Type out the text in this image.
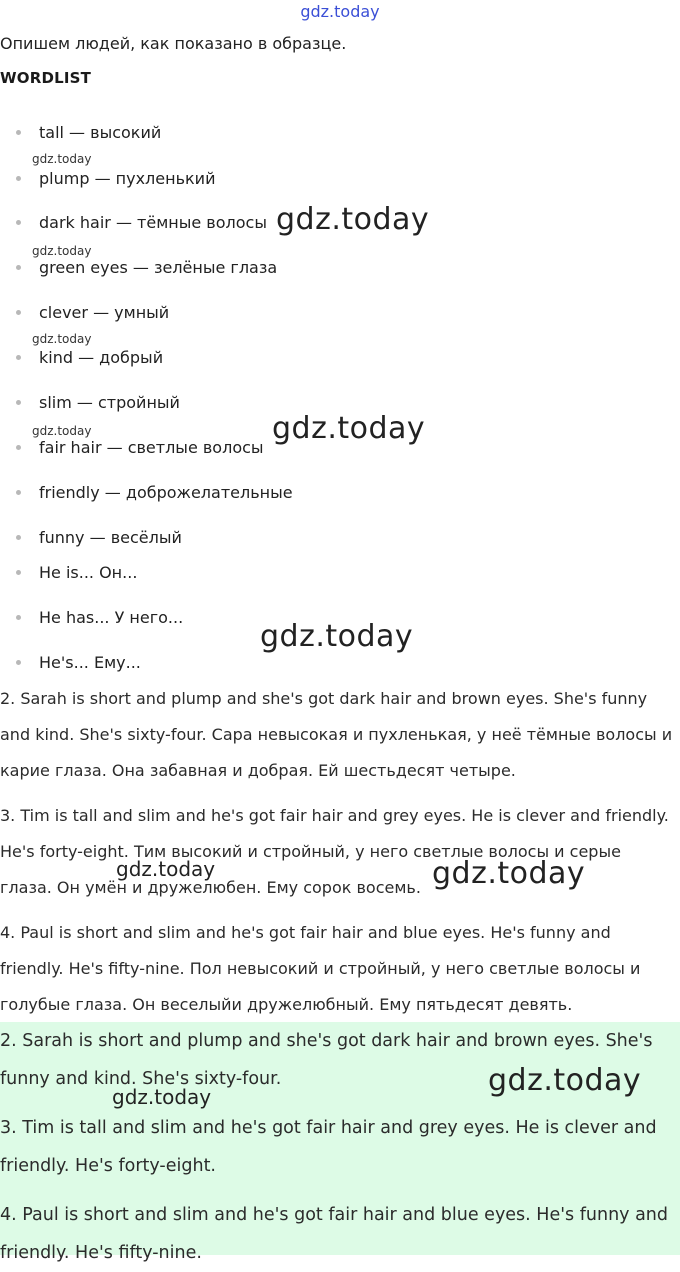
gdz.today
Опишем людей, как показано в образце.
WORDLIST
tall — высокий
plump — пухленький
dark hair — тёмные волосы
green eyes — зелёные глаза
clever — умный
kind — добрый
slim — стройный
fair hair — светлые волосы
friendly — доброжелательные
funny — весёлый
He is... Он...
He has... У него...
He's... Ему...
2. Sarah is short and plump and she's got dark hair and brown eyes. She's funny
and kind. She's sixty-four. Сара невысокая и пухленькая, у неё тёмные волосы и
карие глаза. Она забавная и добрая. Ей шестьдесят четыре.
3. Tim is tall and slim and he's got fair hair and grey eyes. He is clever and friendly.
He's forty-eight. Тим высокий и стройный, у него светлые волосы и серые
глаза. Он умён и дружелюбен. Ему сорок восемь.
4. Paul is short and slim and he's got fair hair and blue eyes. He's funny and
friendly. He's fifty-nine. Пол невысокий и стройный, у него светлые волосы и
голубые глаза. Он веселыйи дружелюбный. Ему пятьдесят девять.
2. Sarah is short and plump and she's got dark hair and brown eyes. She's
funny and kind. She's sixty-four.
3. Tim is tall and slim and he's got fair hair and grey eyes. He is clever and
friendly. He's forty-eight.
4. Paul is short and slim and he's got fair hair and blue eyes. He's funny and
friendly. He's fifty-nine.
gdz.today
gdz.today
gdz.today
gdz.today
gdz.today
gdz.today
gdz.today
gdz.today
gdz.today
gdz.today
gdz.today
